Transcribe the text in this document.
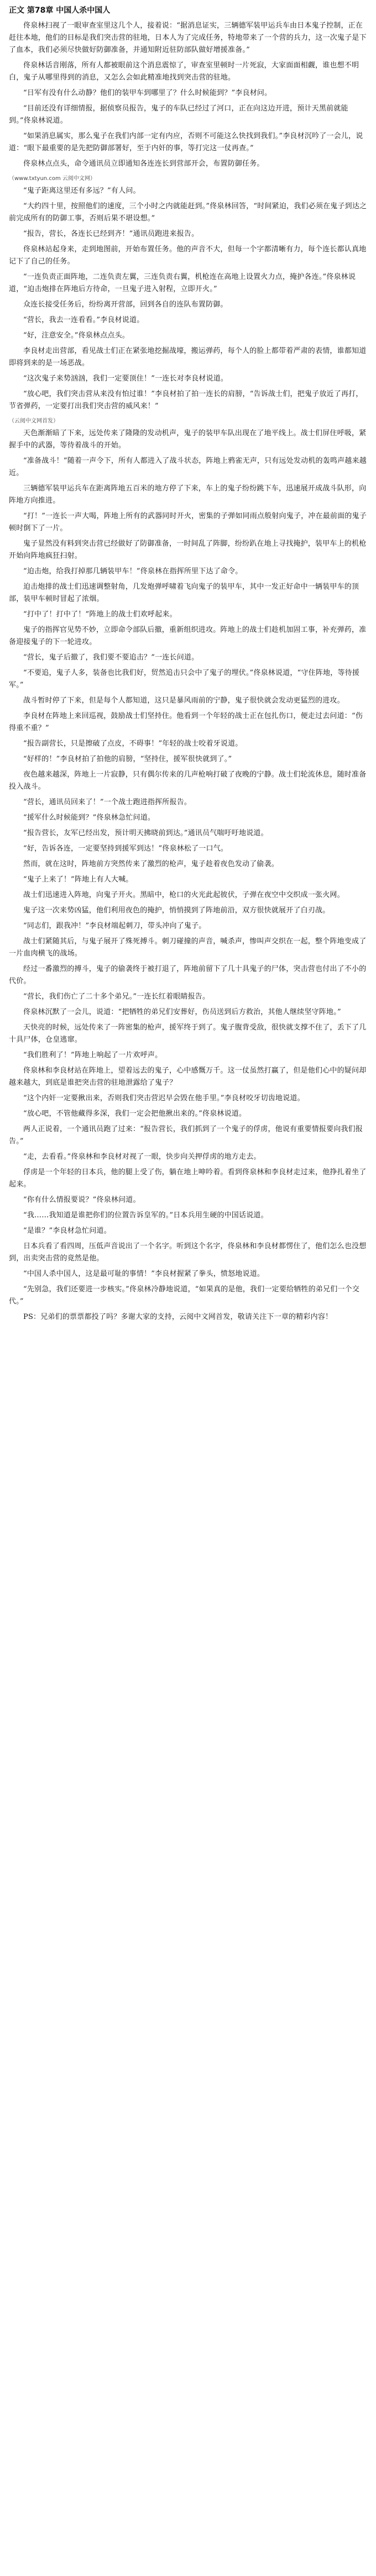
正文 第78章 中国人杀中国人

佟泉林扫视了一眼审查室里这几个人，接着说：“据消息证实，三辆德军装甲运兵车由日本鬼子控制，正在赶往本地，他们的目标是我们突击营的驻地，日本人为了完成任务，特地带来了一个营的兵力，这一次鬼子是下了血本，我们必须尽快做好防御准备，并通知附近驻防部队做好增援准备。”

佟泉林话音刚落，所有人都被眼前这个消息震惊了，审查室里顿时一片死寂，大家面面相觑，谁也想不明白，鬼子从哪里得到的消息，又怎么会如此精准地找到突击营的驻地。

“日军有没有什么动静？他们的装甲车到哪里了？什么时候能到？”李良材问。

“目前还没有详细情报，据侦察员报告，鬼子的车队已经过了河口，正在向这边开进，预计天黑前就能到。”佟泉林说道。

“如果消息属实，那么鬼子在我们内部一定有内应，否则不可能这么快找到我们。”李良材沉吟了一会儿，说道：“眼下最重要的是先把防御部署好，至于内奸的事，等打完这一仗再查。”

佟泉林点点头，命令通讯员立即通知各连连长到营部开会，布置防御任务。

（www.txtyun.com 云阅中文网）

“鬼子距离这里还有多远？”有人问。

“大约四十里，按照他们的速度，三个小时之内就能赶到。”佟泉林回答，“时间紧迫，我们必须在鬼子到达之前完成所有的防御工事，否则后果不堪设想。”

“报告，营长，各连长已经到齐！”通讯员跑进来报告。

佟泉林站起身来，走到地图前，开始布置任务。他的声音不大，但每一个字都清晰有力，每个连长都认真地记下了自己的任务。

“一连负责正面阵地，二连负责左翼，三连负责右翼，机枪连在高地上设置火力点，掩护各连。”佟泉林说道，“迫击炮排在阵地后方待命，一旦鬼子进入射程，立即开火。”

众连长接受任务后，纷纷离开营部，回到各自的连队布置防御。

“营长，我去一连看看。”李良材说道。

“好，注意安全。”佟泉林点点头。

李良材走出营部，看见战士们正在紧张地挖掘战壕，搬运弹药，每个人的脸上都带着严肃的表情，谁都知道即将到来的是一场恶战。

“这次鬼子来势汹汹，我们一定要顶住！”一连长对李良材说道。

“放心吧，我们突击营从来没有怕过谁！”李良材拍了拍一连长的肩膀，“告诉战士们，把鬼子放近了再打，节省弹药，一定要打出我们突击营的威风来！”

（云阅中文网首发）

天色渐渐暗了下来，远处传来了隆隆的发动机声，鬼子的装甲车队出现在了地平线上。战士们屏住呼吸，紧握手中的武器，等待着战斗的开始。

“准备战斗！”随着一声令下，所有人都进入了战斗状态，阵地上鸦雀无声，只有远处发动机的轰鸣声越来越近。

三辆德军装甲运兵车在距离阵地五百米的地方停了下来，车上的鬼子纷纷跳下车，迅速展开成战斗队形，向阵地方向推进。

“打！”一连长一声大喝，阵地上所有的武器同时开火，密集的子弹如同雨点般射向鬼子，冲在最前面的鬼子顿时倒下了一片。

鬼子显然没有料到突击营已经做好了防御准备，一时间乱了阵脚，纷纷趴在地上寻找掩护，装甲车上的机枪开始向阵地疯狂扫射。

“迫击炮，给我打掉那几辆装甲车！”佟泉林在指挥所里下达了命令。

迫击炮排的战士们迅速调整射角，几发炮弹呼啸着飞向鬼子的装甲车，其中一发正好命中一辆装甲车的顶部，装甲车顿时冒起了浓烟。

“打中了！打中了！”阵地上的战士们欢呼起来。

鬼子的指挥官见势不妙，立即命令部队后撤，重新组织进攻。阵地上的战士们趁机加固工事，补充弹药，准备迎接鬼子的下一轮进攻。

“营长，鬼子后撤了，我们要不要追击？”一连长问道。

“不要追，鬼子人多，装备也比我们好，贸然追击只会中了鬼子的埋伏。”佟泉林说道，“守住阵地，等待援军。”

战斗暂时停了下来，但是每个人都知道，这只是暴风雨前的宁静，鬼子很快就会发动更猛烈的进攻。

李良材在阵地上来回巡视，鼓励战士们坚持住。他看到一个年轻的战士正在包扎伤口，便走过去问道：“伤得重不重？”

“报告副营长，只是擦破了点皮，不碍事！”年轻的战士咬着牙说道。

“好样的！”李良材拍了拍他的肩膀，“坚持住，援军很快就到了。”

夜色越来越深，阵地上一片寂静，只有偶尔传来的几声枪响打破了夜晚的宁静。战士们轮流休息，随时准备投入战斗。

“营长，通讯员回来了！”一个战士跑进指挥所报告。

“援军什么时候能到？”佟泉林急忙问道。

“报告营长，友军已经出发，预计明天拂晓前到达。”通讯员气喘吁吁地说道。

“好，告诉各连，一定要坚持到援军到达！”佟泉林松了一口气。

然而，就在这时，阵地前方突然传来了激烈的枪声，鬼子趁着夜色发动了偷袭。

“鬼子上来了！”阵地上有人大喊。

战士们迅速进入阵地，向鬼子开火。黑暗中，枪口的火光此起彼伏，子弹在夜空中交织成一张火网。

鬼子这一次来势凶猛，他们利用夜色的掩护，悄悄摸到了阵地前沿，双方很快就展开了白刃战。

“同志们，跟我冲！”李良材端起刺刀，带头冲向了鬼子。

战士们紧随其后，与鬼子展开了殊死搏斗。刺刀碰撞的声音，喊杀声，惨叫声交织在一起，整个阵地变成了一片血肉横飞的战场。

经过一番激烈的搏斗，鬼子的偷袭终于被打退了，阵地前留下了几十具鬼子的尸体，突击营也付出了不小的代价。

“营长，我们伤亡了二十多个弟兄。”一连长红着眼睛报告。

佟泉林沉默了一会儿，说道：“把牺牲的弟兄们安葬好，伤员送到后方救治，其他人继续坚守阵地。”

天快亮的时候，远处传来了一阵密集的枪声，援军终于到了。鬼子腹背受敌，很快就支撑不住了，丢下了几十具尸体，仓皇逃窜。

“我们胜利了！”阵地上响起了一片欢呼声。

佟泉林和李良材站在阵地上，望着远去的鬼子，心中感慨万千。这一仗虽然打赢了，但是他们心中的疑问却越来越大，到底是谁把突击营的驻地泄露给了鬼子？

“这个内奸一定要揪出来，否则我们突击营迟早会毁在他手里。”李良材咬牙切齿地说道。

“放心吧，不管他藏得多深，我们一定会把他揪出来的。”佟泉林说道。

两人正说着，一个通讯员跑了过来：“报告营长，我们抓到了一个鬼子的俘虏，他说有重要情报要向我们报告。”

“走，去看看。”佟泉林和李良材对视了一眼，快步向关押俘虏的地方走去。

俘虏是一个年轻的日本兵，他的腿上受了伤，躺在地上呻吟着。看到佟泉林和李良材走过来，他挣扎着坐了起来。

“你有什么情报要说？”佟泉林问道。

“我……我知道是谁把你们的位置告诉皇军的。”日本兵用生硬的中国话说道。

“是谁？”李良材急忙问道。

日本兵看了看四周，压低声音说出了一个名字。听到这个名字，佟泉林和李良材都愣住了，他们怎么也没想到，出卖突击营的竟然是他。

“中国人杀中国人，这是最可耻的事情！”李良材握紧了拳头，愤怒地说道。

“先别急，我们还要进一步核实。”佟泉林冷静地说道，“如果真的是他，我们一定要给牺牲的弟兄们一个交代。”

PS：兄弟们的票票都投了吗？多谢大家的支持，云阅中文网首发，敬请关注下一章的精彩内容！
